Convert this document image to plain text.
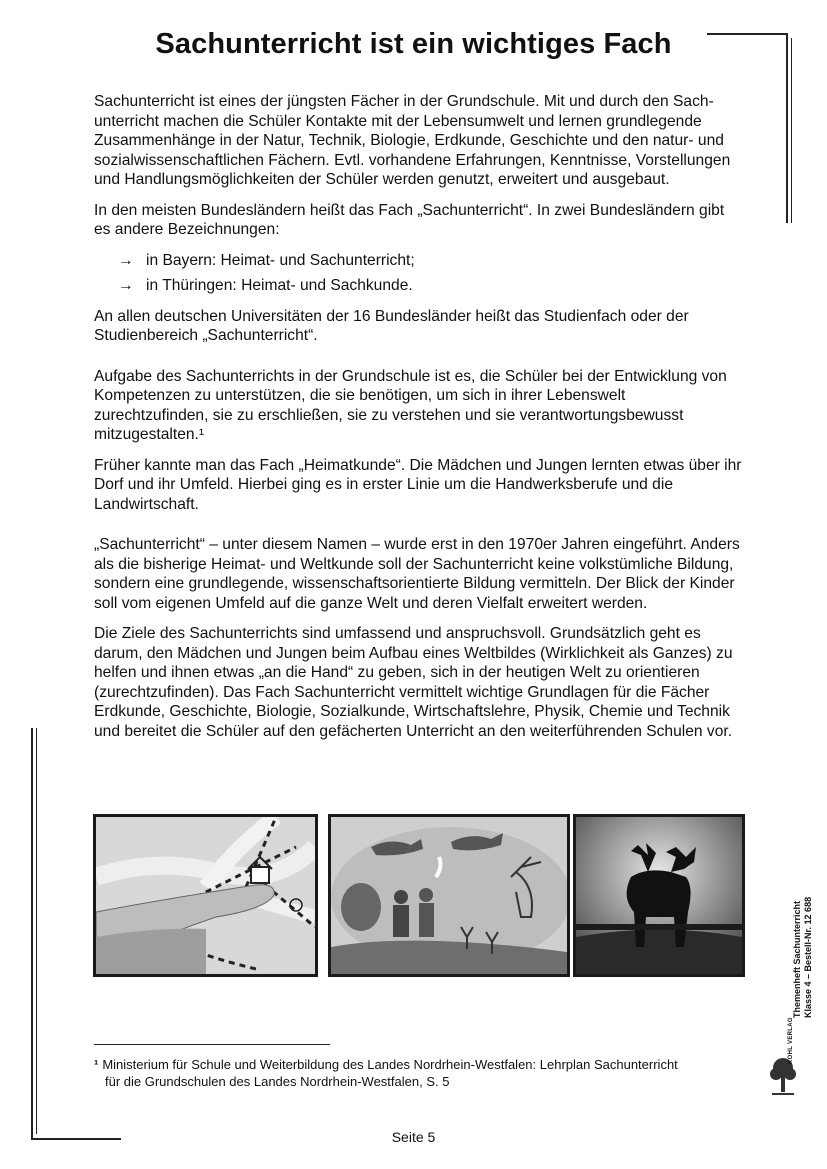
Sachunterricht ist ein wichtiges Fach

Sachunterricht ist eines der jüngsten Fächer in der Grundschule. Mit und durch den Sachunterricht machen die Schüler Kontakte mit der Lebensumwelt und lernen grundlegende Zusammenhänge in der Natur, Technik, Biologie, Erdkunde, Geschichte und den natur- und sozialwissenschaftlichen Fächern. Evtl. vorhandene Erfahrungen, Kenntnisse, Vorstellungen und Handlungsmöglichkeiten der Schüler werden genutzt, erweitert und ausgebaut.

In den meisten Bundesländern heißt das Fach „Sachunterricht“. In zwei Bundesländern gibt es andere Bezeichnungen:

→ in Bayern: Heimat- und Sachunterricht;
→ in Thüringen: Heimat- und Sachkunde.

An allen deutschen Universitäten der 16 Bundesländer heißt das Studienfach oder der Studienbereich „Sachunterricht“.

Aufgabe des Sachunterrichts in der Grundschule ist es, die Schüler bei der Entwicklung von Kompetenzen zu unterstützen, die sie benötigen, um sich in ihrer Lebenswelt zurechtzufinden, sie zu erschließen, sie zu verstehen und sie verantwortungsbewusst mitzugestalten.¹

Früher kannte man das Fach „Heimatkunde“. Die Mädchen und Jungen lernten etwas über ihr Dorf und ihr Umfeld. Hierbei ging es in erster Linie um die Handwerksberufe und die Landwirtschaft.

„Sachunterricht“ – unter diesem Namen – wurde erst in den 1970er Jahren eingeführt. Anders als die bisherige Heimat- und Weltkunde soll der Sachunterricht keine volkstümliche Bildung, sondern eine grundlegende, wissenschaftsorientierte Bildung vermitteln. Der Blick der Kinder soll vom eigenen Umfeld auf die ganze Welt und deren Vielfalt erweitert werden.

Die Ziele des Sachunterrichts sind umfassend und anspruchsvoll. Grundsätzlich geht es darum, den Mädchen und Jungen beim Aufbau eines Weltbildes (Wirklichkeit als Ganzes) zu helfen und ihnen etwas „an die Hand“ zu geben, sich in der heutigen Welt zu orientieren (zurechtzufinden). Das Fach Sachunterricht vermittelt wichtige Grundlagen für die Fächer Erdkunde, Geschichte, Biologie, Sozialkunde, Wirtschaftslehre, Physik, Chemie und Technik und bereitet die Schüler auf den gefächerten Unterricht an den weiterführenden Schulen vor.

Themenheft Sachunterricht Klasse 4 – Bestell-Nr. 12 688
KOHL VERLAG
¹ Ministerium für Schule und Weiterbildung des Landes Nordrhein-Westfalen: Lehrplan Sachunterricht
für die Grundschulen des Landes Nordrhein-Westfalen, S. 5
Seite 5
